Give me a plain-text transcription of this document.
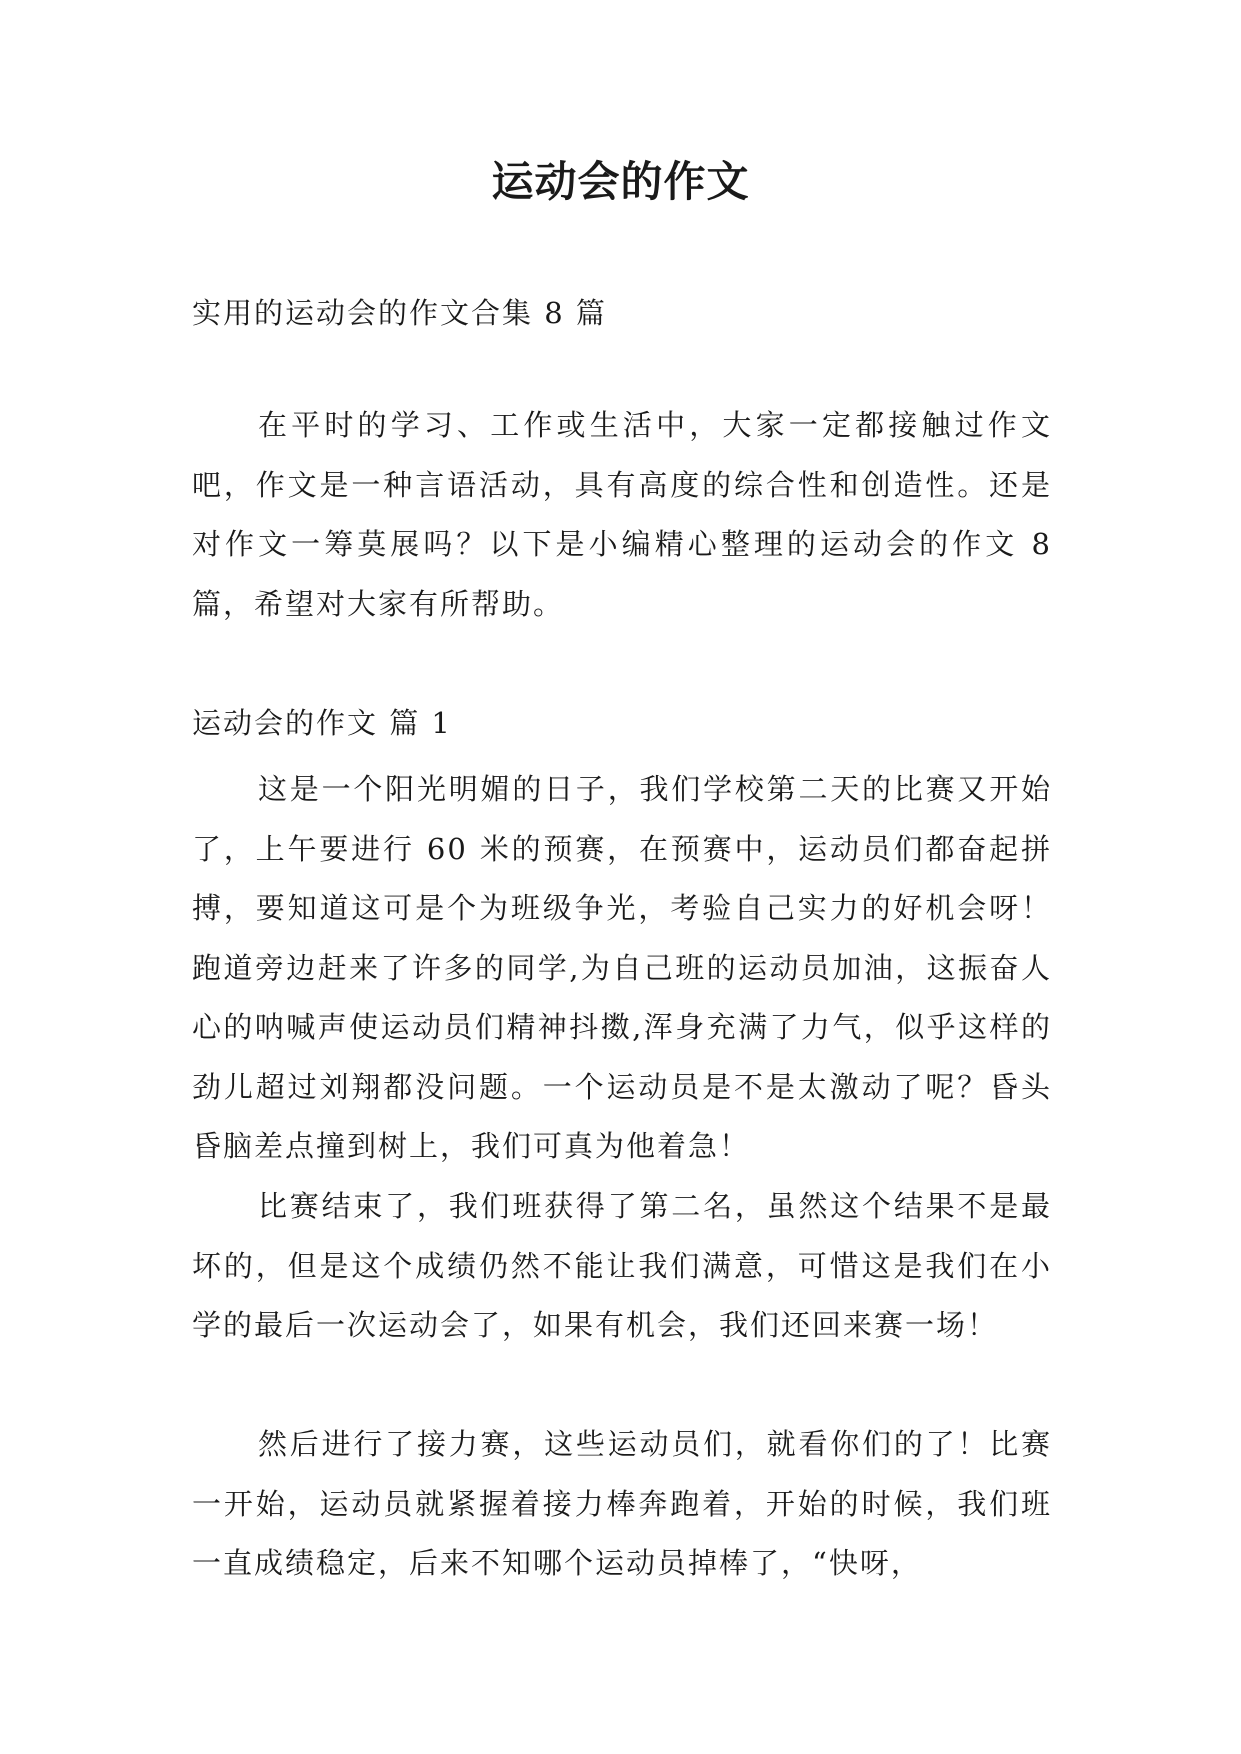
运动会的作文

实用的运动会的作文合集 8 篇

在平时的学习、工作或生活中，大家一定都接触过作文吧，作文是一种言语活动，具有高度的综合性和创造性。还是对作文一筹莫展吗？以下是小编精心整理的运动会的作文 8 篇，希望对大家有所帮助。

运动会的作文 篇 1

这是一个阳光明媚的日子，我们学校第二天的比赛又开始了，上午要进行 60 米的预赛，在预赛中，运动员们都奋起拼搏，要知道这可是个为班级争光，考验自己实力的好机会呀！跑道旁边赶来了许多的同学,为自己班的运动员加油，这振奋人心的呐喊声使运动员们精神抖擞,浑身充满了力气，似乎这样的劲儿超过刘翔都没问题。一个运动员是不是太激动了呢？昏头昏脑差点撞到树上，我们可真为他着急！

比赛结束了，我们班获得了第二名，虽然这个结果不是最坏的，但是这个成绩仍然不能让我们满意，可惜这是我们在小学的最后一次运动会了，如果有机会，我们还回来赛一场！

然后进行了接力赛，这些运动员们，就看你们的了！比赛一开始，运动员就紧握着接力棒奔跑着，开始的时候，我们班一直成绩稳定，后来不知哪个运动员掉棒了，“快呀，
